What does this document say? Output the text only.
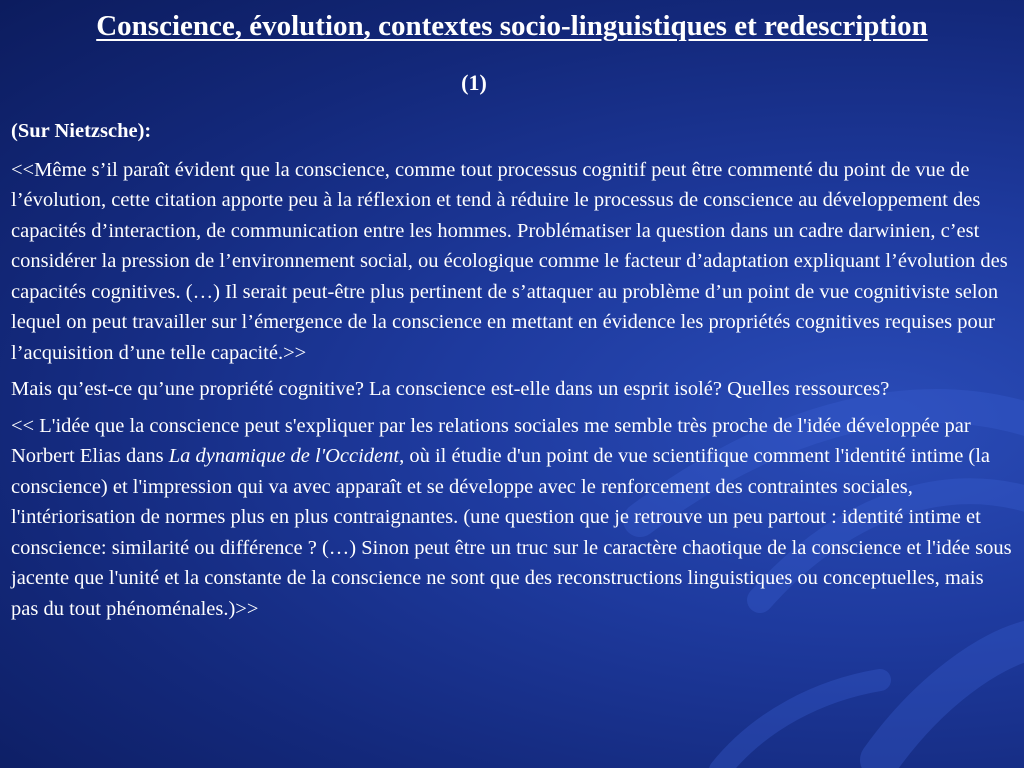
Conscience, évolution, contextes socio-linguistiques et redescription
(1)

(Sur Nietzsche):

<<Même s’il paraît évident que la conscience, comme tout processus cognitif peut être commenté du point de vue de l’évolution, cette citation apporte peu à la réflexion et tend à réduire le processus de conscience au développement des capacités d’interaction, de communication entre les hommes. Problématiser la question dans un cadre darwinien, c’est considérer la pression de l’environnement social, ou écologique comme le facteur d’adaptation expliquant l’évolution des capacités cognitives. (…) Il serait peut-être plus pertinent de s’attaquer au problème d’un point de vue cognitiviste selon lequel on peut travailler sur l’émergence de la conscience en mettant en évidence les propriétés cognitives requises pour l’acquisition d’une telle capacité.>>

Mais qu’est-ce qu’une propriété cognitive? La conscience est-elle dans un esprit isolé? Quelles ressources?

<< L'idée que la conscience peut s'expliquer par les relations sociales me semble très proche de l'idée développée par Norbert Elias dans La dynamique de l'Occident, où il étudie d'un point de vue scientifique comment l'identité intime (la conscience) et l'impression qui va avec apparaît et se développe avec le renforcement des contraintes sociales, l'intériorisation de normes plus en plus contraignantes. (une question que je retrouve un peu partout : identité intime et conscience: similarité ou différence ? (…) Sinon peut être un truc sur le caractère chaotique de la conscience et l'idée sous jacente que l'unité et la constante de la conscience ne sont que des reconstructions linguistiques ou conceptuelles, mais pas du tout phénoménales.)>>
